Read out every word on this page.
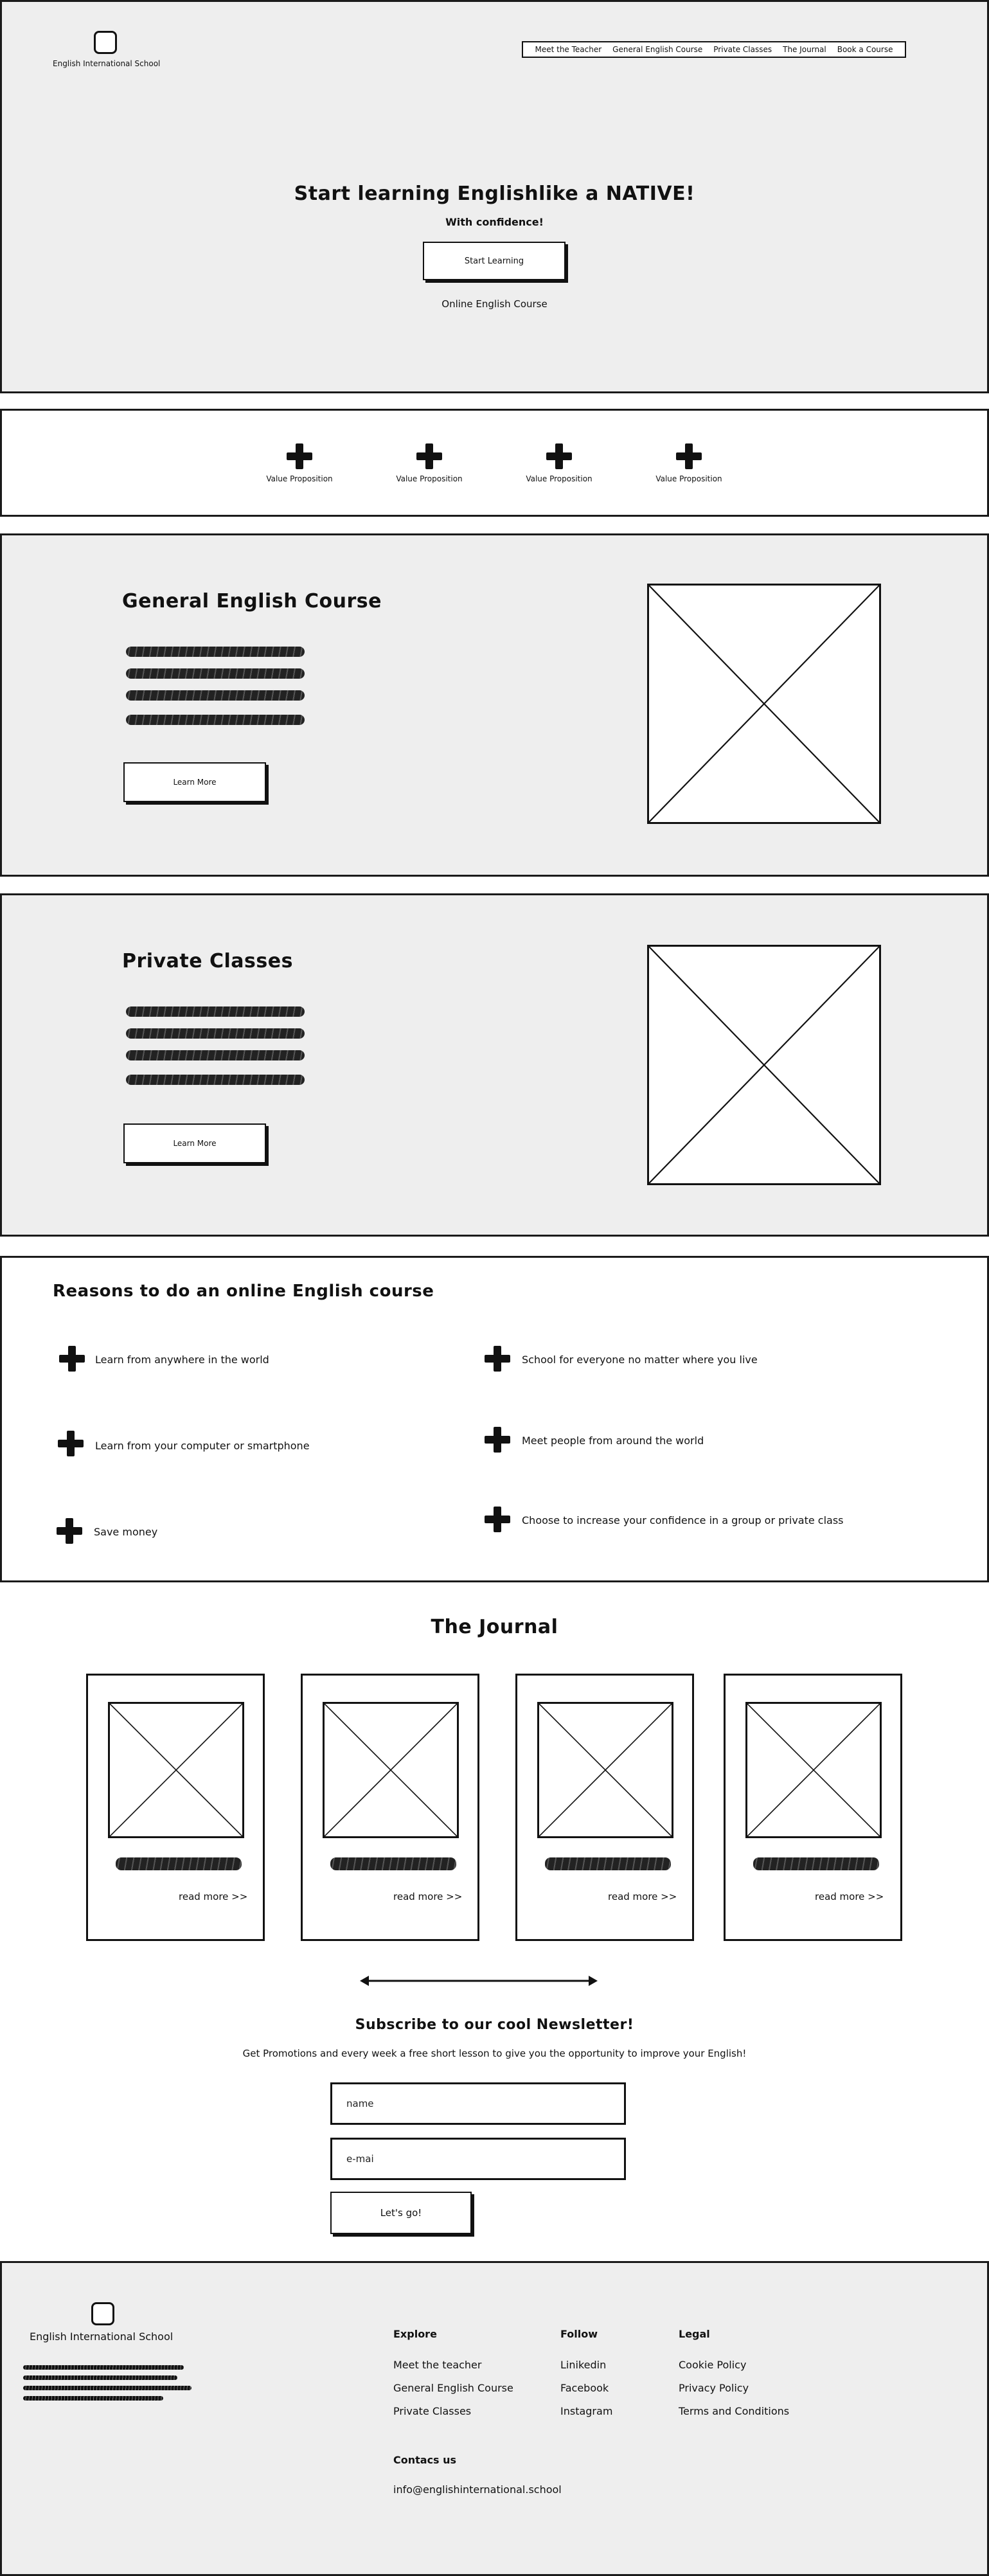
English International School
Meet the Teacher General English Course Private Classes The Journal Book a Course
Start learning Englishlike a NATIVE!
With confidence!
Start Learning
Online English Course
Value Proposition	Value Proposition	Value Proposition	Value Proposition
General English Course
Learn More
Private Classes
Learn More
Reasons to do an online English course
Learn from anywhere in the world	School for everyone no matter where you live
Learn from your computer or smartphone	Meet people from around the world
Save money
Choose to increase your confidence in a group or private class
The Journal
read more >>	read more >>	read more >>	read more >>
Subscribe to our cool Newsletter!
Get Promotions and every week a free short lesson to give you the opportunity to improve your English!
name
e-mai
Let's go!
English International School	Explore
Meet the teacher
General English Course
Private Classes
Follow
Linikedin
Facebook
Instagram
Legal
Cookie Policy
Privacy Policy
Terms and Conditions
Contacs us
info@englishinternational.school
